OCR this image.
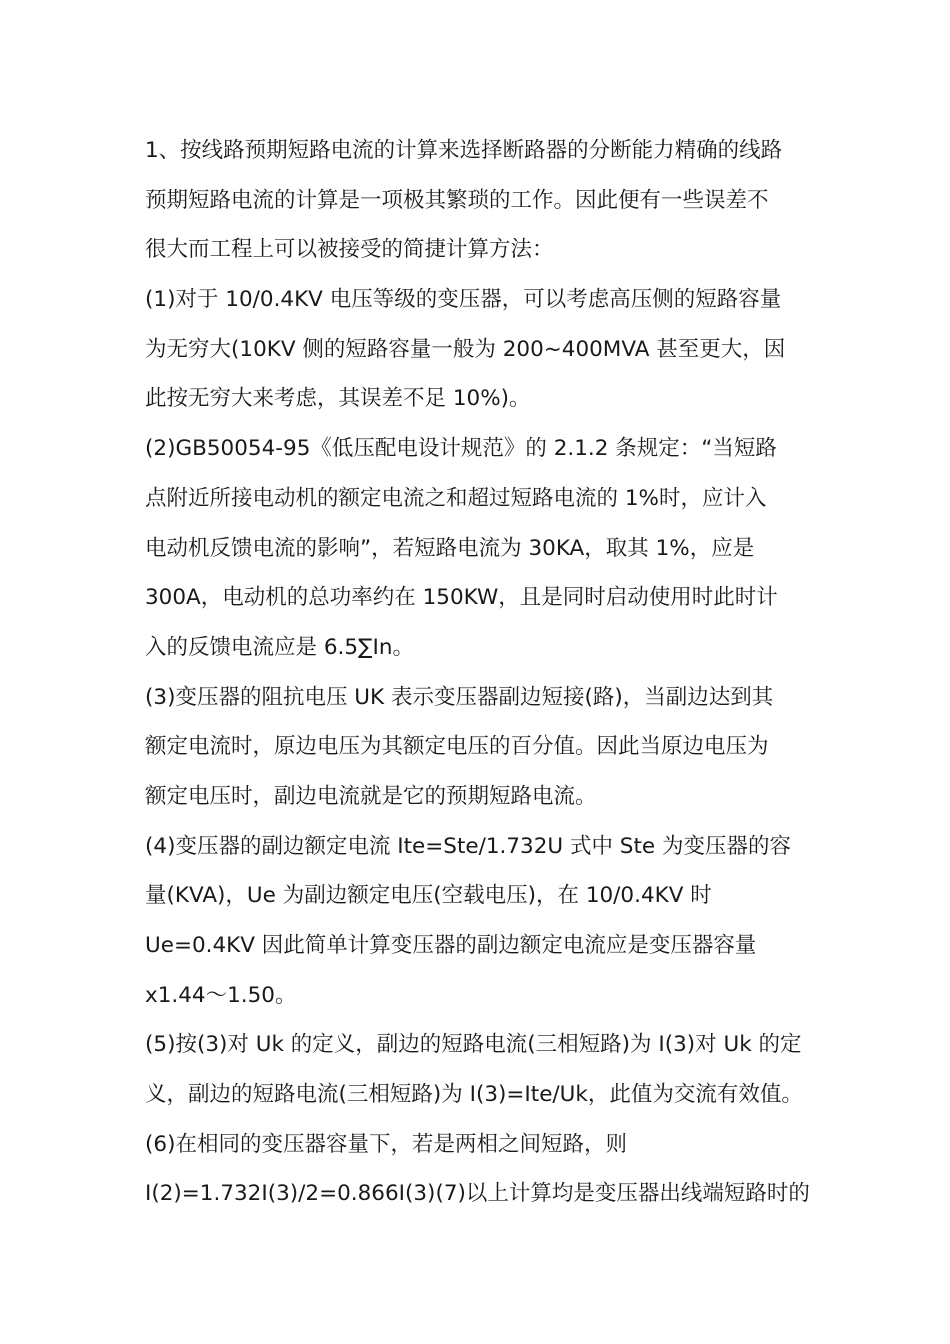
1、按线路预期短路电流的计算来选择断路器的分断能力精确的线路
预期短路电流的计算是一项极其繁琐的工作。因此便有一些误差不
很大而工程上可以被接受的简捷计算方法：
(1)对于 10/0.4KV 电压等级的变压器，可以考虑高压侧的短路容量
为无穷大(10KV 侧的短路容量一般为 200~400MVA 甚至更大，因
此按无穷大来考虑，其误差不足 10%)。
(2)GB50054-95《低压配电设计规范》的 2.1.2 条规定：“当短路
点附近所接电动机的额定电流之和超过短路电流的 1%时，应计入
电动机反馈电流的影响”，若短路电流为 30KA，取其 1%，应是
300A，电动机的总功率约在 150KW，且是同时启动使用时此时计
入的反馈电流应是 6.5∑In。
(3)变压器的阻抗电压 UK 表示变压器副边短接(路)，当副边达到其
额定电流时，原边电压为其额定电压的百分值。因此当原边电压为
额定电压时，副边电流就是它的预期短路电流。
(4)变压器的副边额定电流 Ite=Ste/1.732U 式中 Ste 为变压器的容
量(KVA)，Ue 为副边额定电压(空载电压)，在 10/0.4KV 时
Ue=0.4KV 因此简单计算变压器的副边额定电流应是变压器容量
x1.44～1.50。
(5)按(3)对 Uk 的定义，副边的短路电流(三相短路)为 I(3)对 Uk 的定
义，副边的短路电流(三相短路)为 I(3)=Ite/Uk，此值为交流有效值。
(6)在相同的变压器容量下，若是两相之间短路，则
I(2)=1.732I(3)/2=0.866I(3)(7)以上计算均是变压器出线端短路时的
